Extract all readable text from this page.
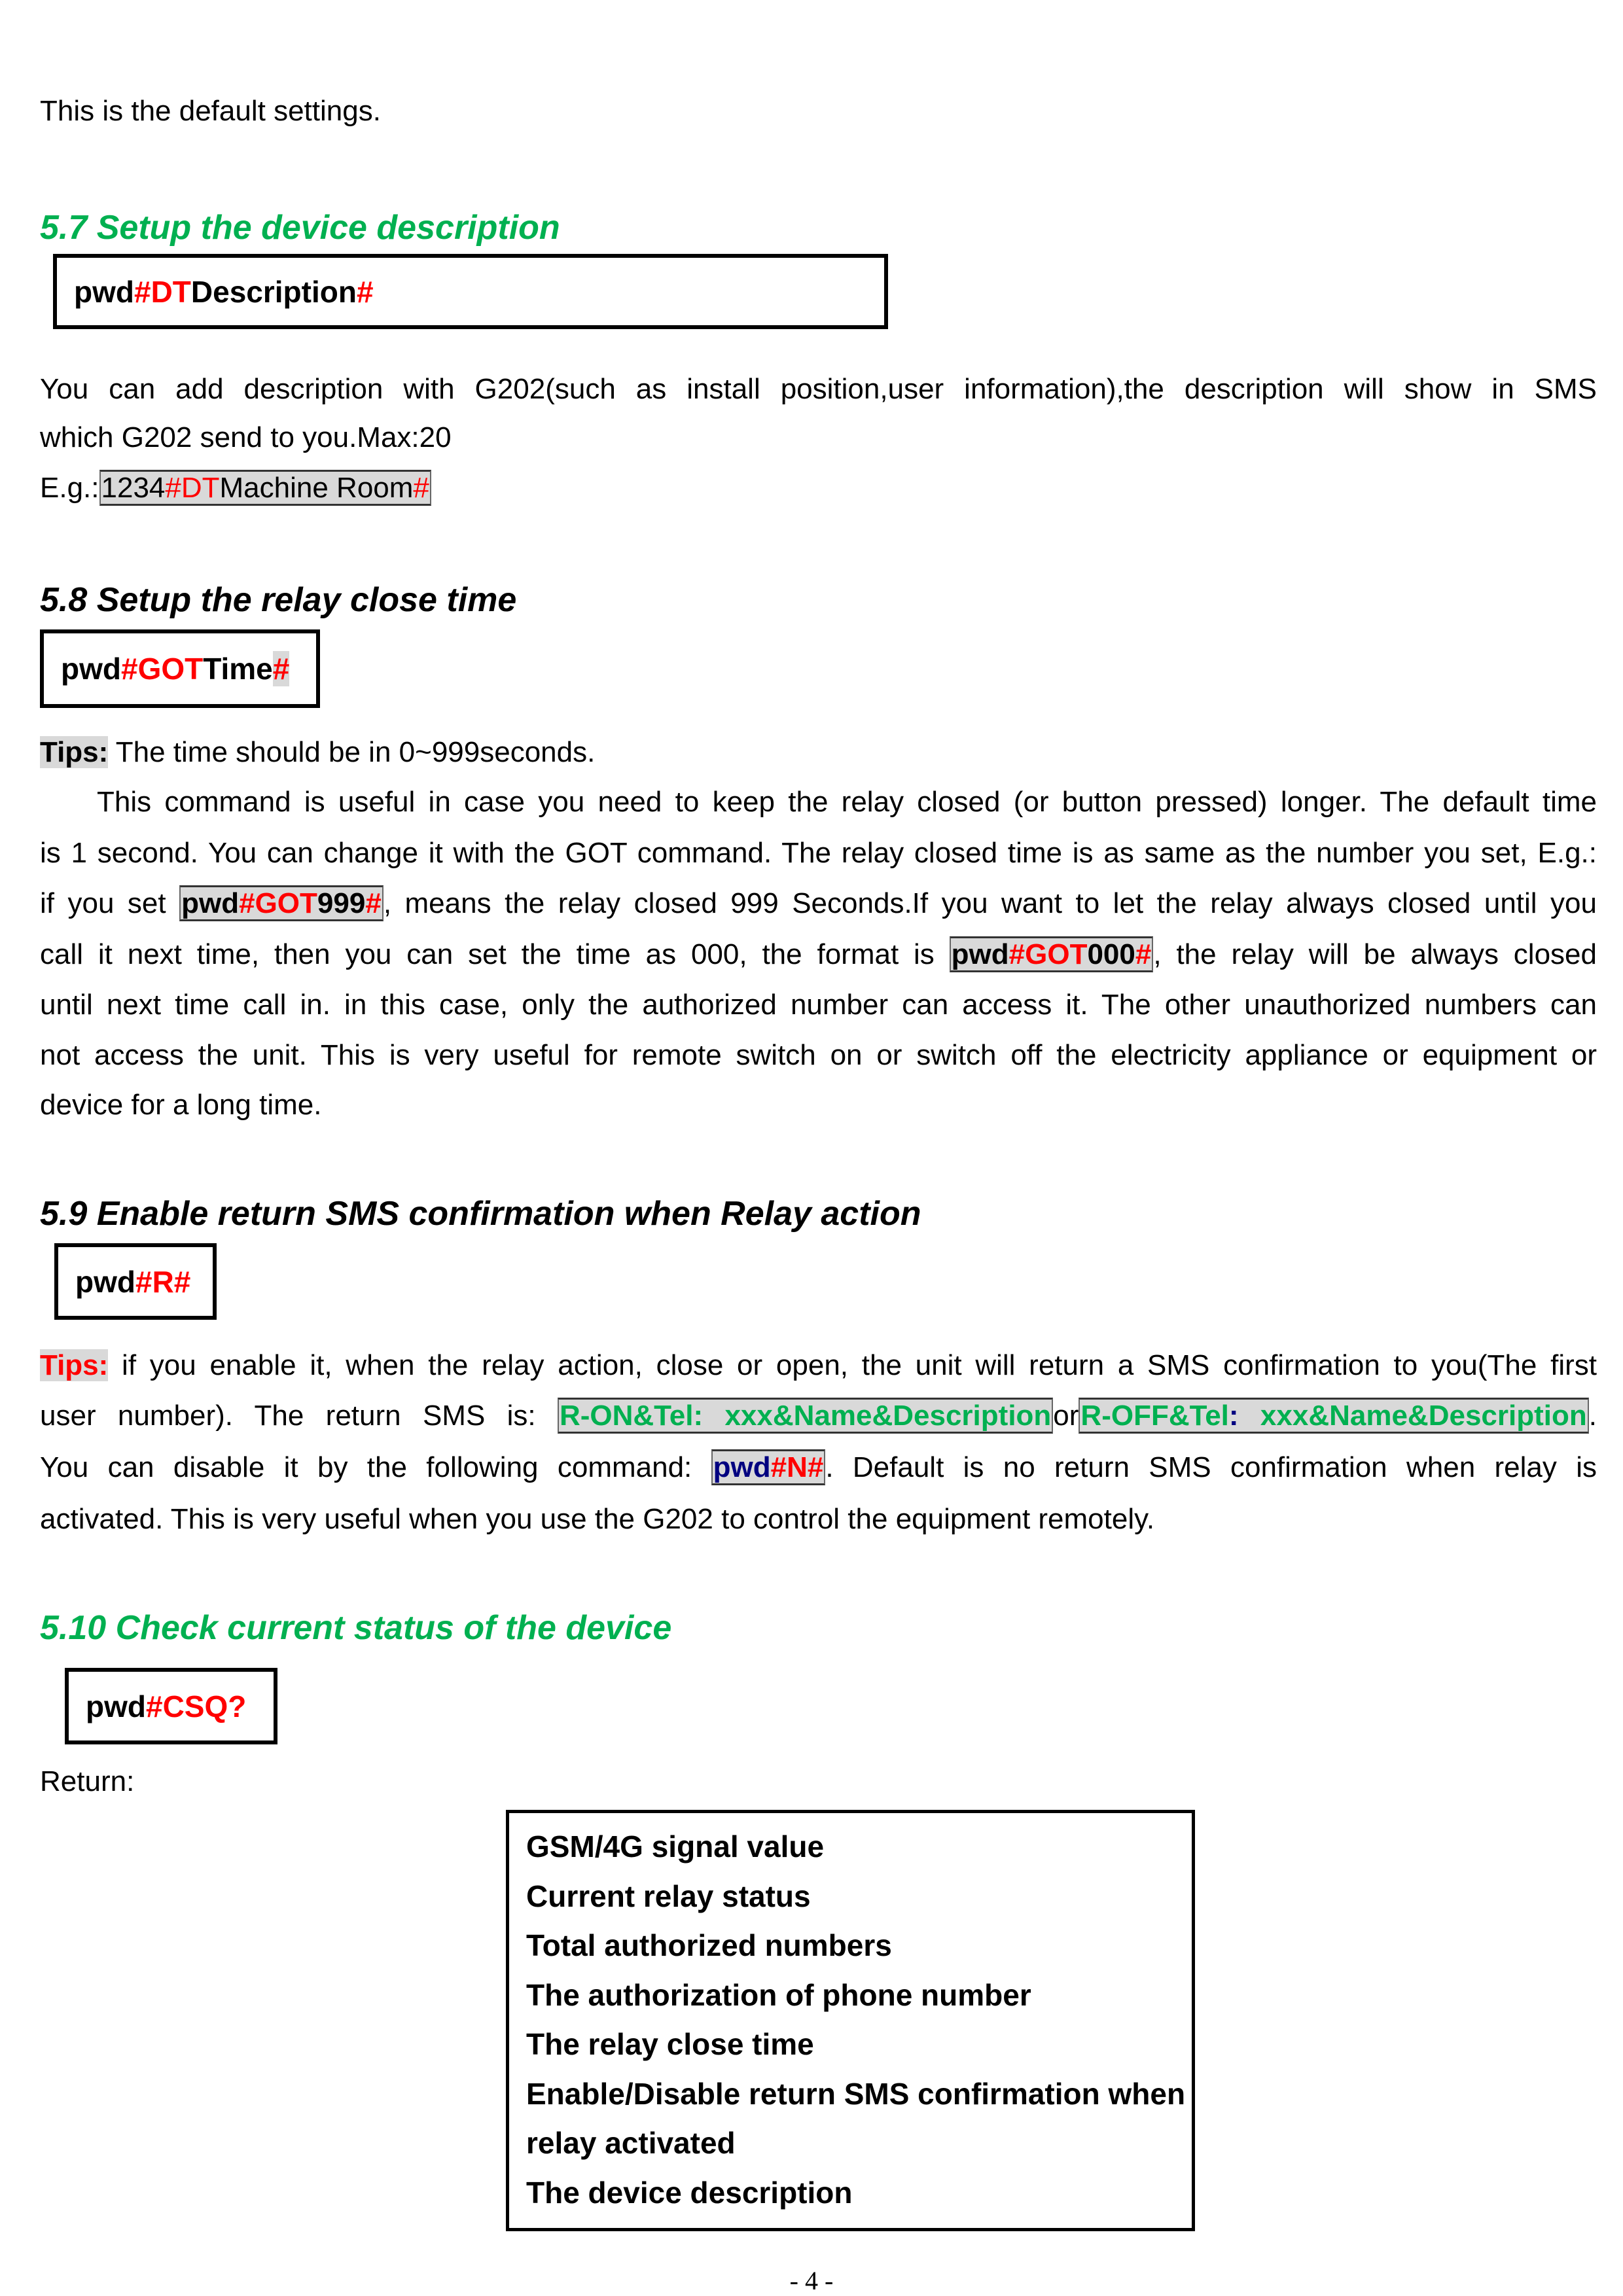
This is the default settings.
5.7 Setup the device description
pwd #DT Description #
You can add description with G202(such as install position,user information),the description will show in SMS
which G202 send to you.Max:20
E.g.:1234#DTMachine Room#
5.8 Setup the relay close time
pwd #GOT Time #
Tips: The time should be in 0~999seconds.
This command is useful in case you need to keep the relay closed (or button pressed) longer. The default time
is 1 second. You can change it with the GOT command. The relay closed time is as same as the number you set, E.g.:
if you set pwd#GOT999#, means the relay closed 999 Seconds.If you want to let the relay always closed until you
call it next time, then you can set the time as 000, the format is pwd#GOT000#, the relay will be always closed
until next time call in. in this case, only the authorized number can access it. The other unauthorized numbers can
not access the unit. This is very useful for remote switch on or switch off the electricity appliance or equipment or
device for a long time.
5.9 Enable return SMS confirmation when Relay action
pwd #R#
Tips: if you enable it, when the relay action, close or open, the unit will return a SMS confirmation to you(The first
user number). The return SMS is: R-ON&Tel: xxx&Name&DescriptionorR-OFF&Tel: xxx&Name&Description.
You can disable it by the following command: pwd#N#. Default is no return SMS confirmation when relay is
activated. This is very useful when you use the G202 to control the equipment remotely.
5.10 Check current status of the device
pwd #CSQ?
Return:
GSM/4G signal value
Current relay status
Total authorized numbers
The authorization of phone number
The relay close time
Enable/Disable return SMS confirmation when
relay activated
The device description
- 4 -
